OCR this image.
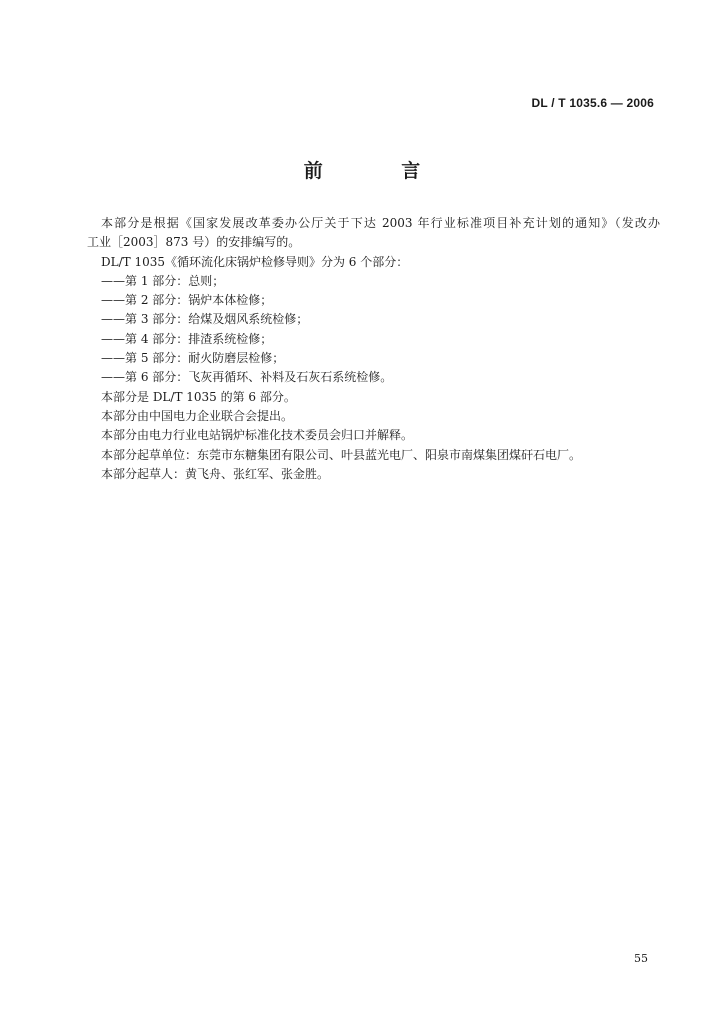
DL / T 1035.6 — 2006
前 言

本部分是根据《国家发展改革委办公厅关于下达 2003 年行业标准项目补充计划的通知》（发改办

工业［2003］873 号）的安排编写的。

DL/T 1035《循环流化床锅炉检修导则》分为 6 个部分：

——第 1 部分：总则；

——第 2 部分：锅炉本体检修；

——第 3 部分：给煤及烟风系统检修；

——第 4 部分：排渣系统检修；

——第 5 部分：耐火防磨层检修；

——第 6 部分：飞灰再循环、补料及石灰石系统检修。

本部分是 DL/T 1035 的第 6 部分。

本部分由中国电力企业联合会提出。

本部分由电力行业电站锅炉标准化技术委员会归口并解释。

本部分起草单位：东莞市东糖集团有限公司、叶县蓝光电厂、阳泉市南煤集团煤矸石电厂。

本部分起草人：黄飞舟、张红军、张金胜。

55
